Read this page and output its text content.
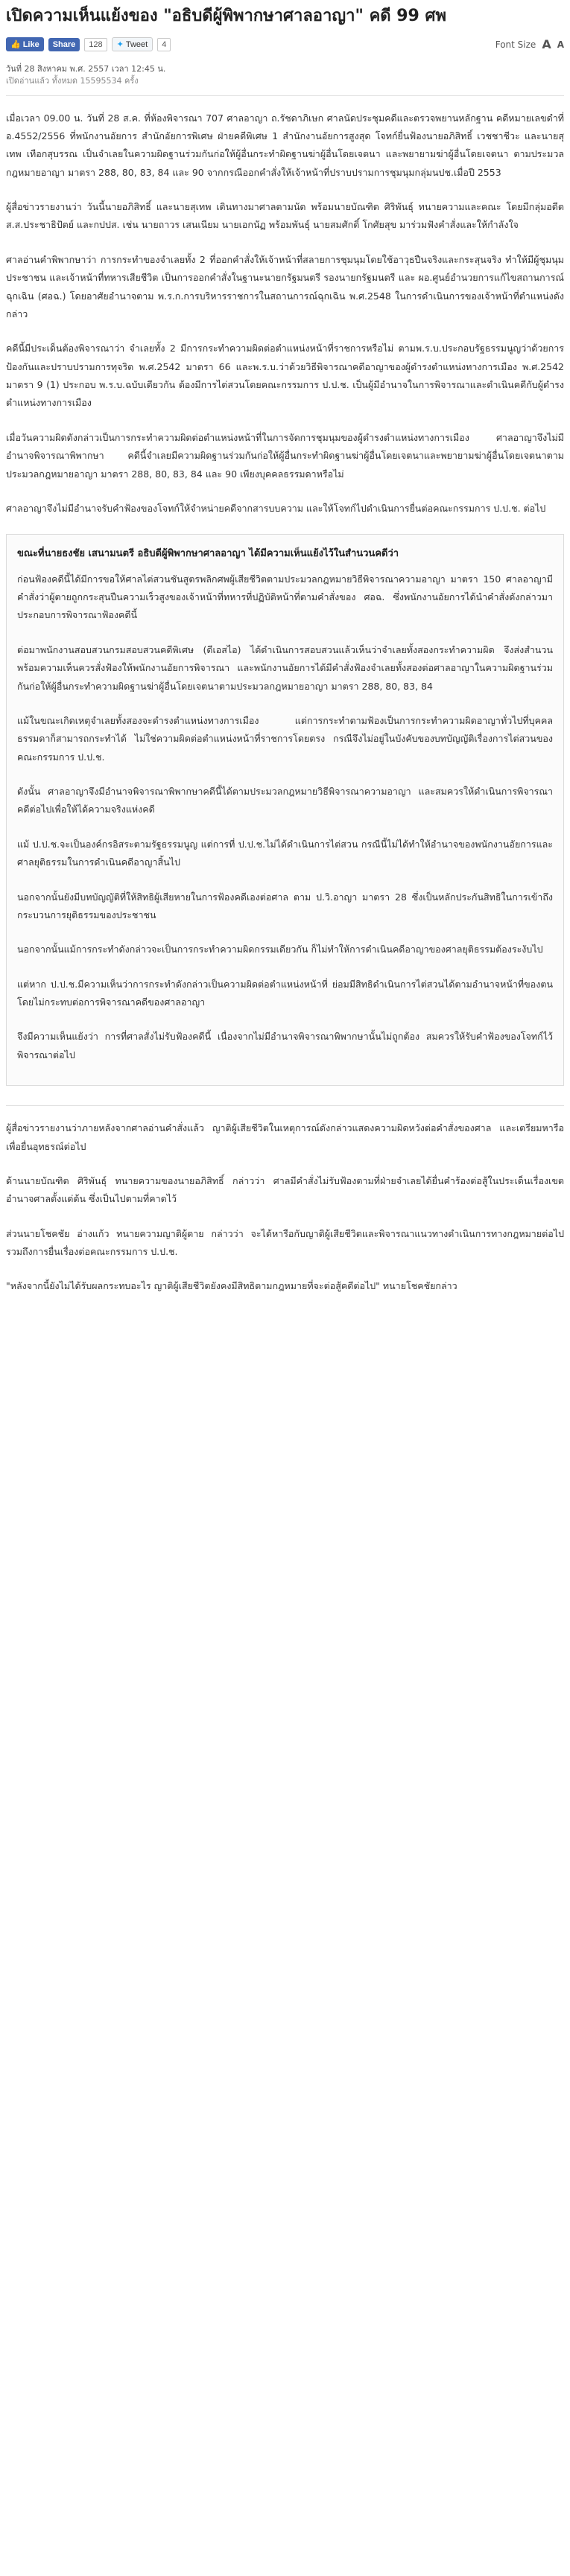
เปิดความเห็นแย้งของ "อธิบดีผู้พิพากษาศาลอาญา" คดี 99 ศพ
👍 Like	Share	128	✦ Tweet	4	Font Size A A
วันที่ 28 สิงหาคม พ.ศ. 2557 เวลา 12:45 น.
เปิดอ่านแล้ว ทั้งหมด 15595534 ครั้ง

เมื่อเวลา 09.00 น. วันที่ 28 ส.ค. ที่ห้องพิจารณา 707 ศาลอาญา ถ.รัชดาภิเษก ศาลนัดประชุมคดีและตรวจพยานหลักฐาน คดีหมายเลขดำที่ อ.4552/2556 ที่พนักงานอัยการ สำนักอัยการพิเศษ ฝ่ายคดีพิเศษ 1 สำนักงานอัยการสูงสุด โจทก์ยื่นฟ้องนายอภิสิทธิ์ เวชชาชีวะ และนายสุเทพ เทือกสุบรรณ เป็นจำเลยในความผิดฐานร่วมกันก่อให้ผู้อื่นกระทำผิดฐานฆ่าผู้อื่นโดยเจตนา และพยายามฆ่าผู้อื่นโดยเจตนา ตามประมวลกฎหมายอาญา มาตรา 288, 80, 83, 84 และ 90 จากกรณีออกคำสั่งให้เจ้าหน้าที่ปราบปรามการชุมนุมกลุ่มนปช.เมื่อปี 2553

ผู้สื่อข่าวรายงานว่า วันนี้นายอภิสิทธิ์ และนายสุเทพ เดินทางมาศาลตามนัด พร้อมนายบัณฑิต ศิริพันธุ์ ทนายความและคณะ โดยมีกลุ่มอดีตส.ส.ประชาธิปัตย์ และกปปส. เช่น นายถาวร เสนเนียม นายเอกนัฏ พร้อมพันธุ์ นายสมศักดิ์ โกศัยสุข มาร่วมฟังคำสั่งและให้กำลังใจ

ศาลอ่านคำพิพากษาว่า การกระทำของจำเลยทั้ง 2 ที่ออกคำสั่งให้เจ้าหน้าที่สลายการชุมนุมโดยใช้อาวุธปืนจริงและกระสุนจริง ทำให้มีผู้ชุมนุม ประชาชน และเจ้าหน้าที่ทหารเสียชีวิต เป็นการออกคำสั่งในฐานะนายกรัฐมนตรี รองนายกรัฐมนตรี และ ผอ.ศูนย์อำนวยการแก้ไขสถานการณ์ฉุกเฉิน (ศอฉ.) โดยอาศัยอำนาจตาม พ.ร.ก.การบริหารราชการในสถานการณ์ฉุกเฉิน พ.ศ.2548 ในการดำเนินการของเจ้าหน้าที่ตำแหน่งดังกล่าว

คดีนี้มีประเด็นต้องพิจารณาว่า จำเลยทั้ง 2 มีการกระทำความผิดต่อตำแหน่งหน้าที่ราชการหรือไม่ ตามพ.ร.บ.ประกอบรัฐธรรมนูญว่าด้วยการป้องกันและปราบปรามการทุจริต พ.ศ.2542 มาตรา 66 และพ.ร.บ.ว่าด้วยวิธีพิจารณาคดีอาญาของผู้ดำรงตำแหน่งทางการเมือง พ.ศ.2542 มาตรา 9 (1) ประกอบ พ.ร.บ.ฉบับเดียวกัน ต้องมีการไต่สวนโดยคณะกรรมการ ป.ป.ช. เป็นผู้มีอำนาจในการพิจารณาและดำเนินคดีกับผู้ดำรงตำแหน่งทางการเมือง

เมื่อวันความผิดดังกล่าวเป็นการกระทำความผิดต่อตำแหน่งหน้าที่ในการจัดการชุมนุมของผู้ดำรงตำแหน่งทางการเมือง ศาลอาญาจึงไม่มีอำนาจพิจารณาพิพากษา คดีนี้จำเลยมีความผิดฐานร่วมกันก่อให้ผู้อื่นกระทำผิดฐานฆ่าผู้อื่นโดยเจตนาและพยายามฆ่าผู้อื่นโดยเจตนาตามประมวลกฎหมายอาญา มาตรา 288, 80, 83, 84 และ 90 เพียงบุคคลธรรมดาหรือไม่

ศาลอาญาจึงไม่มีอำนาจรับคำฟ้องของโจทก์ให้จำหน่ายคดีจากสารบบความ และให้โจทก์ไปดำเนินการยื่นต่อคณะกรรมการ ป.ป.ช. ต่อไป

ขณะที่นายธงชัย เสนามนตรี อธิบดีผู้พิพากษาศาลอาญา ได้มีความเห็นแย้งไว้ในสำนวนคดีว่า

ก่อนฟ้องคดีนี้ได้มีการขอให้ศาลไต่สวนชันสูตรพลิกศพผู้เสียชีวิตตามประมวลกฎหมายวิธีพิจารณาความอาญา มาตรา 150 ศาลอาญามีคำสั่งว่าผู้ตายถูกกระสุนปืนความเร็วสูงของเจ้าหน้าที่ทหารที่ปฏิบัติหน้าที่ตามคำสั่งของ ศอฉ. ซึ่งพนักงานอัยการได้นำคำสั่งดังกล่าวมาประกอบการพิจารณาฟ้องคดีนี้

ต่อมาพนักงานสอบสวนกรมสอบสวนคดีพิเศษ (ดีเอสไอ) ได้ดำเนินการสอบสวนแล้วเห็นว่าจำเลยทั้งสองกระทำความผิด จึงส่งสำนวนพร้อมความเห็นควรสั่งฟ้องให้พนักงานอัยการพิจารณา และพนักงานอัยการได้มีคำสั่งฟ้องจำเลยทั้งสองต่อศาลอาญาในความผิดฐานร่วมกันก่อให้ผู้อื่นกระทำความผิดฐานฆ่าผู้อื่นโดยเจตนาตามประมวลกฎหมายอาญา มาตรา 288, 80, 83, 84

แม้ในขณะเกิดเหตุจำเลยทั้งสองจะดำรงตำแหน่งทางการเมือง แต่การกระทำตามฟ้องเป็นการกระทำความผิดอาญาทั่วไปที่บุคคลธรรมดาก็สามารถกระทำได้ ไม่ใช่ความผิดต่อตำแหน่งหน้าที่ราชการโดยตรง กรณีจึงไม่อยู่ในบังคับของบทบัญญัติเรื่องการไต่สวนของคณะกรรมการ ป.ป.ช.

ดังนั้น ศาลอาญาจึงมีอำนาจพิจารณาพิพากษาคดีนี้ได้ตามประมวลกฎหมายวิธีพิจารณาความอาญา และสมควรให้ดำเนินการพิจารณาคดีต่อไปเพื่อให้ได้ความจริงแห่งคดี

แม้ ป.ป.ช.จะเป็นองค์กรอิสระตามรัฐธรรมนูญ แต่การที่ ป.ป.ช.ไม่ได้ดำเนินการไต่สวน กรณีนี้ไม่ได้ทำให้อำนาจของพนักงานอัยการและศาลยุติธรรมในการดำเนินคดีอาญาสิ้นไป

นอกจากนั้นยังมีบทบัญญัติที่ให้สิทธิผู้เสียหายในการฟ้องคดีเองต่อศาล ตาม ป.วิ.อาญา มาตรา 28 ซึ่งเป็นหลักประกันสิทธิในการเข้าถึงกระบวนการยุติธรรมของประชาชน

นอกจากนั้นแม้การกระทำดังกล่าวจะเป็นการกระทำความผิดกรรมเดียวกัน ก็ไม่ทำให้การดำเนินคดีอาญาของศาลยุติธรรมต้องระงับไป

แต่หาก ป.ป.ช.มีความเห็นว่าการกระทำดังกล่าวเป็นความผิดต่อตำแหน่งหน้าที่ ย่อมมีสิทธิดำเนินการไต่สวนได้ตามอำนาจหน้าที่ของตน โดยไม่กระทบต่อการพิจารณาคดีของศาลอาญา

จึงมีความเห็นแย้งว่า การที่ศาลสั่งไม่รับฟ้องคดีนี้ เนื่องจากไม่มีอำนาจพิจารณาพิพากษานั้นไม่ถูกต้อง สมควรให้รับคำฟ้องของโจทก์ไว้พิจารณาต่อไป

ผู้สื่อข่าวรายงานว่าภายหลังจากศาลอ่านคำสั่งแล้ว ญาติผู้เสียชีวิตในเหตุการณ์ดังกล่าวแสดงความผิดหวังต่อคำสั่งของศาล และเตรียมหารือเพื่อยื่นอุทธรณ์ต่อไป

ด้านนายบัณฑิต ศิริพันธุ์ ทนายความของนายอภิสิทธิ์ กล่าวว่า ศาลมีคำสั่งไม่รับฟ้องตามที่ฝ่ายจำเลยได้ยื่นคำร้องต่อสู้ในประเด็นเรื่องเขตอำนาจศาลตั้งแต่ต้น ซึ่งเป็นไปตามที่คาดไว้

ส่วนนายโชคชัย อ่างแก้ว ทนายความญาติผู้ตาย กล่าวว่า จะได้หารือกับญาติผู้เสียชีวิตและพิจารณาแนวทางดำเนินการทางกฎหมายต่อไป รวมถึงการยื่นเรื่องต่อคณะกรรมการ ป.ป.ช.

"หลังจากนี้ยังไม่ได้รับผลกระทบอะไร ญาติผู้เสียชีวิตยังคงมีสิทธิตามกฎหมายที่จะต่อสู้คดีต่อไป" ทนายโชคชัยกล่าว
